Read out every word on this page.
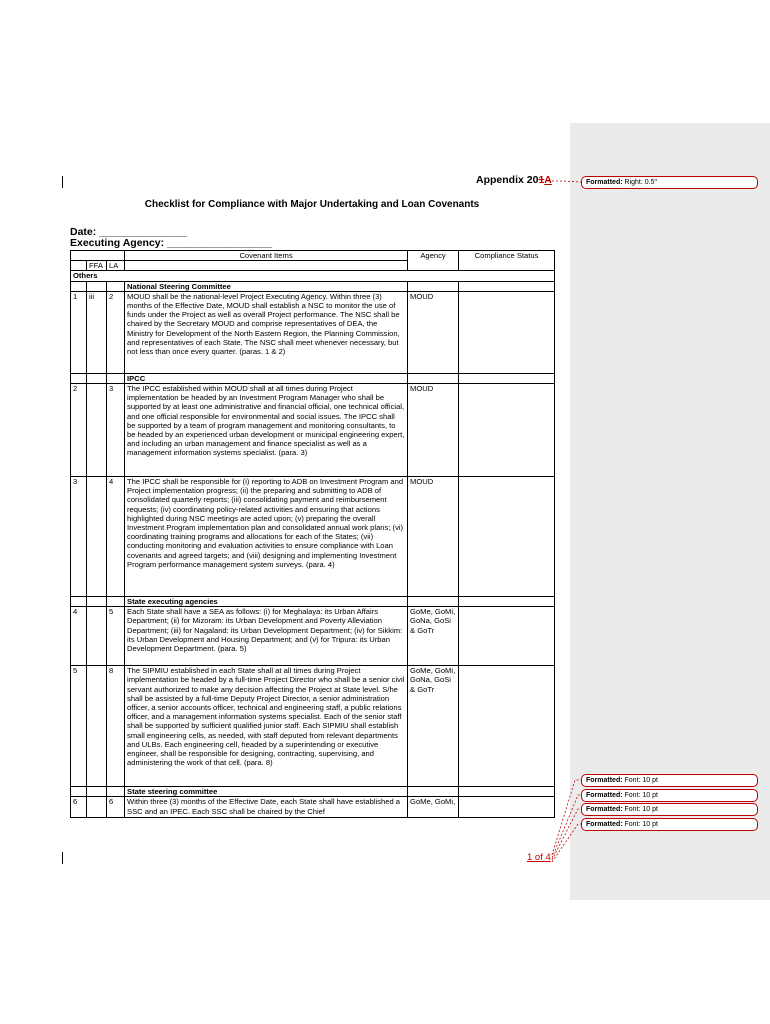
Appendix 201A
Checklist for Compliance with Major Undertaking and Loan Covenants
Date: _______________
Executing Agency: __________________
			Covenant Items	Agency	Compliance Status
	FFA	LA			
Others					
			National Steering Committee		
1	iii	2	MOUD shall be the national-level Project Executing Agency. Within three (3) months of the Effective Date, MOUD shall establish a NSC to monitor the use of funds under the Project as well as overall Project performance. The NSC shall be chaired by the Secretary MOUD and comprise representatives of DEA, the Ministry for Development of the North Eastern Region, the Planning Commission, and representatives of each State. The NSC shall meet whenever necessary, but not less than once every quarter. (paras. 1 & 2)	MOUD	
			IPCC		
2		3	The IPCC established within MOUD shall at all times during Project implementation be headed by an Investment Program Manager who shall be supported by at least one administrative and financial official, one technical official, and one official responsible for environmental and social issues. The IPCC shall be supported by a team of program management and monitoring consultants, to be headed by an experienced urban development or municipal engineering expert, and including an urban management and finance specialist as well as a management information systems specialist. (para. 3)	MOUD	
3		4	The IPCC shall be responsible for (i) reporting to ADB on Investment Program and Project implementation progress; (ii) the preparing and submitting to ADB of consolidated quarterly reports; (iii) consolidating payment and reimbursement requests; (iv) coordinating policy-related activities and ensuring that actions highlighted during NSC meetings are acted upon; (v) preparing the overall Investment Program implementation plan and consolidated annual work plans; (vi) coordinating training programs and allocations for each of the States; (vii) conducting monitoring and evaluation activities to ensure compliance with Loan covenants and agreed targets; and (viii) designing and implementing Investment Program performance management system surveys. (para. 4)	MOUD	
			State executing agencies		
4		5	Each State shall have a SEA as follows: (i) for Meghalaya: its Urban Affairs Department; (ii) for Mizoram: its Urban Development and Poverty Alleviation Department; (iii) for Nagaland: its Urban Development Department; (iv) for Sikkim: its Urban Development and Housing Department; and (v) for Tripura: its Urban Development Department. (para. 5)	GoMe, GoMi, GoNa, GoSi & GoTr	
5		8	The SIPMIU established in each State shall at all times during Project implementation be headed by a full-time Project Director who shall be a senior civil servant authorized to make any decision affecting the Project at State level. S/he shall be assisted by a full-time Deputy Project Director, a senior administration officer, a senior accounts officer, technical and engineering staff, a public relations officer, and a management information systems specialist. Each of the senior staff shall be supported by sufficient qualified junior staff. Each SIPMIU shall establish small engineering cells, as needed, with staff deputed from relevant departments and ULBs. Each engineering cell, headed by a superintending or executive engineer, shall be responsible for designing, contracting, supervising, and administering the work of that cell. (para. 8)	GoMe, GoMi, GoNa, GoSi & GoTr	
			State steering committee		
6		6	Within three (3) months of the Effective Date, each State shall have established a SSC and an IPEC. Each SSC shall be chaired by the Chief	GoMe, GoMi,	
1 of 4
Formatted: Right: 0.5"
Formatted: Font: 10 pt
Formatted: Font: 10 pt
Formatted: Font: 10 pt
Formatted: Font: 10 pt
